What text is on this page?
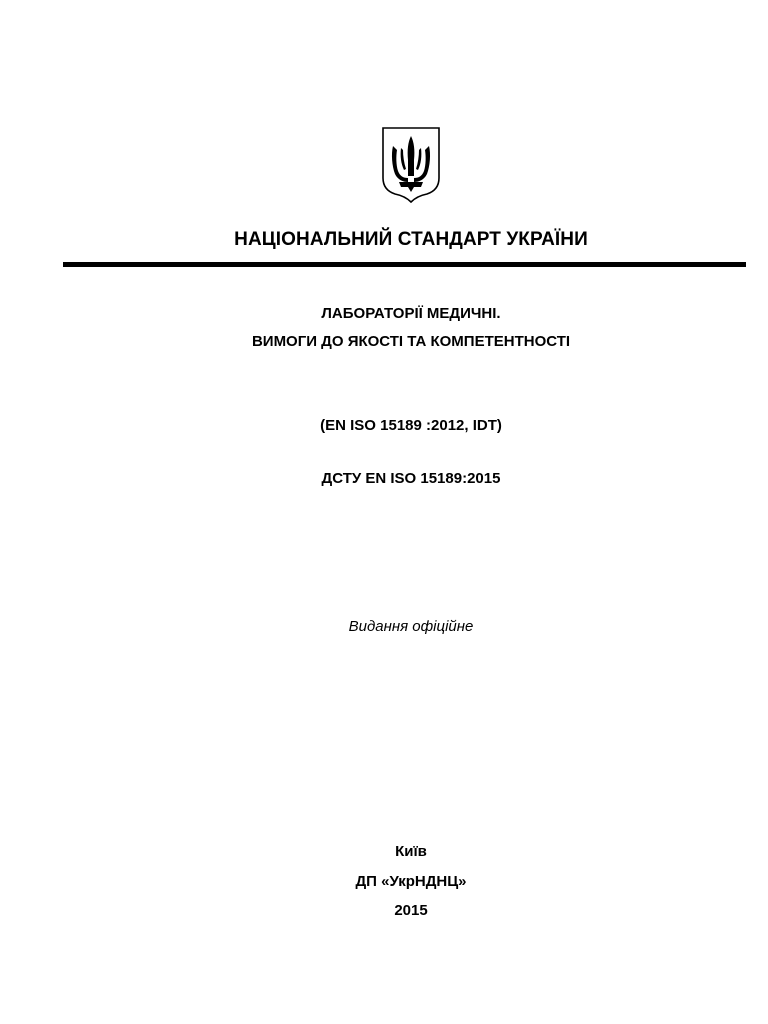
НАЦІОНАЛЬНИЙ СТАНДАРТ УКРАЇНИ
ЛАБОРАТОРІЇ МЕДИЧНІ.
ВИМОГИ ДО ЯКОСТІ ТА КОМПЕТЕНТНОСТІ
(EN ISO 15189 :2012, IDT)
ДСТУ EN ISO 15189:2015
Видання офіційне
Київ
ДП «УкрНДНЦ»
2015
